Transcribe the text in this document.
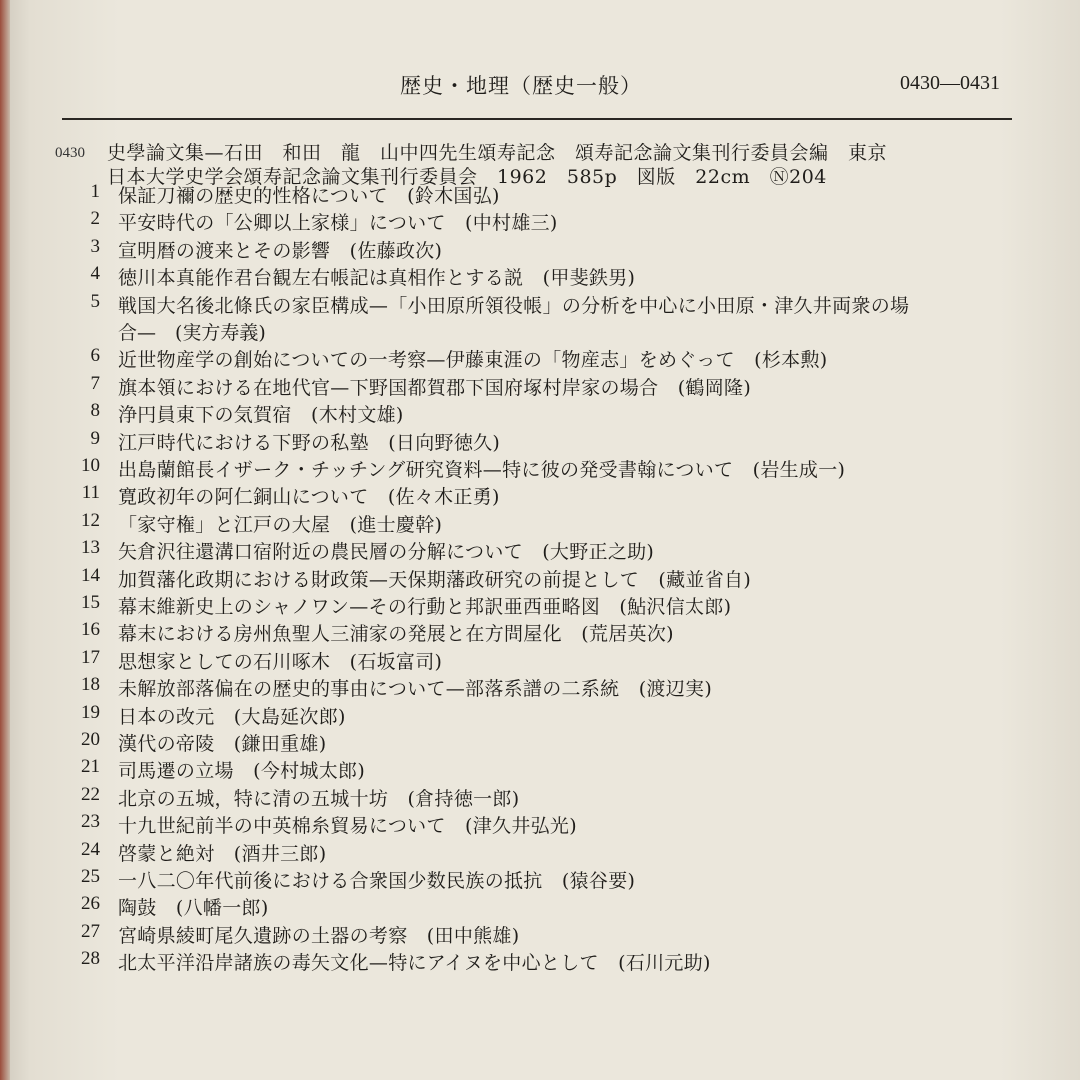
歴史・地理（歴史一般）	0430—0431
0430 史學論文集—石田　和田　龍　山中四先生頌寿記念　頌寿記念論文集刊行委員会編　東京
日本大学史学会頌寿記念論文集刊行委員会　1962　585p　図版　22cm　Ⓝ204
1 保証刀禰の歴史的性格について　(鈴木国弘)
2 平安時代の「公卿以上家様」について　(中村雄三)
3 宣明暦の渡来とその影響　(佐藤政次)
4 徳川本真能作君台観左右帳記は真相作とする説　(甲斐鉄男)
5 戦国大名後北條氏の家臣構成—「小田原所領役帳」の分析を中心に小田原・津久井両衆の場
合—　(実方寿義)
6 近世物産学の創始についての一考察—伊藤東涯の「物産志」をめぐって　(杉本勲)
7 旗本領における在地代官—下野国都賀郡下国府塚村岸家の場合　(鶴岡隆)
8 浄円員東下の気賀宿　(木村文雄)
9 江戸時代における下野の私塾　(日向野徳久)
10 出島蘭館長イザーク・チッチング研究資料—特に彼の発受書翰について　(岩生成一)
11 寛政初年の阿仁銅山について　(佐々木正勇)
12 「家守権」と江戸の大屋　(進士慶幹)
13 矢倉沢往還溝口宿附近の農民層の分解について　(大野正之助)
14 加賀藩化政期における財政策—天保期藩政研究の前提として　(藏並省自)
15 幕末維新史上のシャノワン—その行動と邦訳亜西亜略図　(鮎沢信太郎)
16 幕末における房州魚聖人三浦家の発展と在方問屋化　(荒居英次)
17 思想家としての石川啄木　(石坂富司)
18 未解放部落偏在の歴史的事由について—部落系譜の二系統　(渡辺実)
19 日本の改元　(大島延次郎)
20 漢代の帝陵　(鎌田重雄)
21 司馬遷の立場　(今村城太郎)
22 北京の五城，特に清の五城十坊　(倉持徳一郎)
23 十九世紀前半の中英棉糸貿易について　(津久井弘光)
24 啓蒙と絶対　(酒井三郎)
25 一八二〇年代前後における合衆国少数民族の抵抗　(猿谷要)
26 陶鼓　(八幡一郎)
27 宮崎県綾町尾久遺跡の土器の考察　(田中熊雄)
28 北太平洋沿岸諸族の毒矢文化—特にアイヌを中心として　(石川元助)
